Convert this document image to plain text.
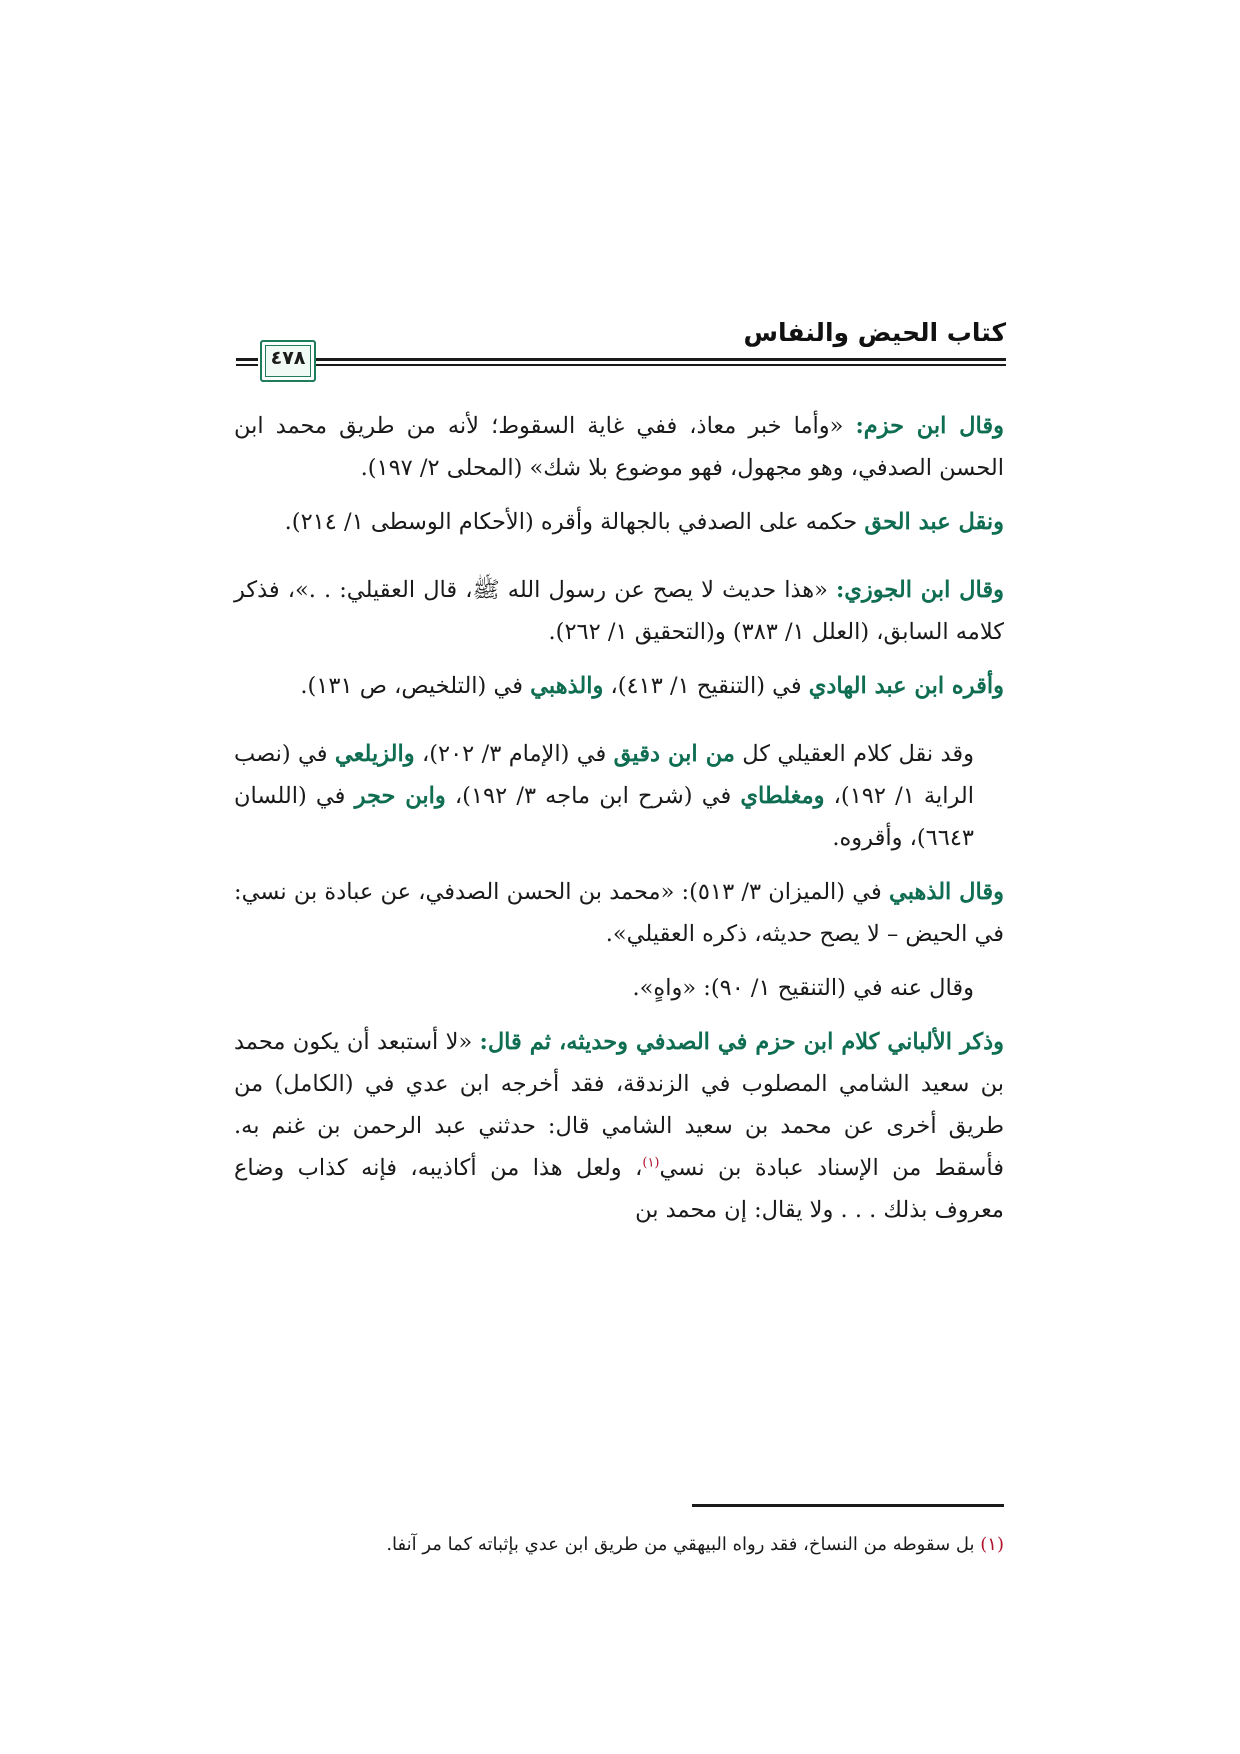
كتاب الحيض والنفاس
٤٧٨

وقال ابن حزم: «وأما خبر معاذ، ففي غاية السقوط؛ لأنه من طريق محمد ابن الحسن الصدفي، وهو مجهول، فهو موضوع بلا شك» (المحلى ٢/ ١٩٧).

ونقل عبد الحق حكمه على الصدفي بالجهالة وأقره (الأحكام الوسطى ١/ ٢١٤).

وقال ابن الجوزي: «هذا حديث لا يصح عن رسول الله ﷺ، قال العقيلي: . .»، فذكر كلامه السابق، (العلل ١/ ٣٨٣) و(التحقيق ١/ ٢٦٢).

وأقره ابن عبد الهادي في (التنقيح ١/ ٤١٣)، والذهبي في (التلخيص، ص ١٣١).

وقد نقل كلام العقيلي كل من ابن دقيق في (الإمام ٣/ ٢٠٢)، والزيلعي في (نصب الراية ١/ ١٩٢)، ومغلطاي في (شرح ابن ماجه ٣/ ١٩٢)، وابن حجر في (اللسان ٦٦٤٣)، وأقروه.

وقال الذهبي في (الميزان ٣/ ٥١٣): «محمد بن الحسن الصدفي، عن عبادة بن نسي: في الحيض – لا يصح حديثه، ذكره العقيلي».

وقال عنه في (التنقيح ١/ ٩٠): «واهٍ».

وذكر الألباني كلام ابن حزم في الصدفي وحديثه، ثم قال: «لا أستبعد أن يكون محمد بن سعيد الشامي المصلوب في الزندقة، فقد أخرجه ابن عدي في (الكامل) من طريق أخرى عن محمد بن سعيد الشامي قال: حدثني عبد الرحمن بن غنم به. فأسقط من الإسناد عبادة بن نسي$^{(١)}$، ولعل هذا من أكاذيبه، فإنه كذاب وضاع معروف بذلك . . . ولا يقال: إن محمد بن

(١) بل سقوطه من النساخ، فقد رواه البيهقي من طريق ابن عدي بإثباته كما مر آنفا.
